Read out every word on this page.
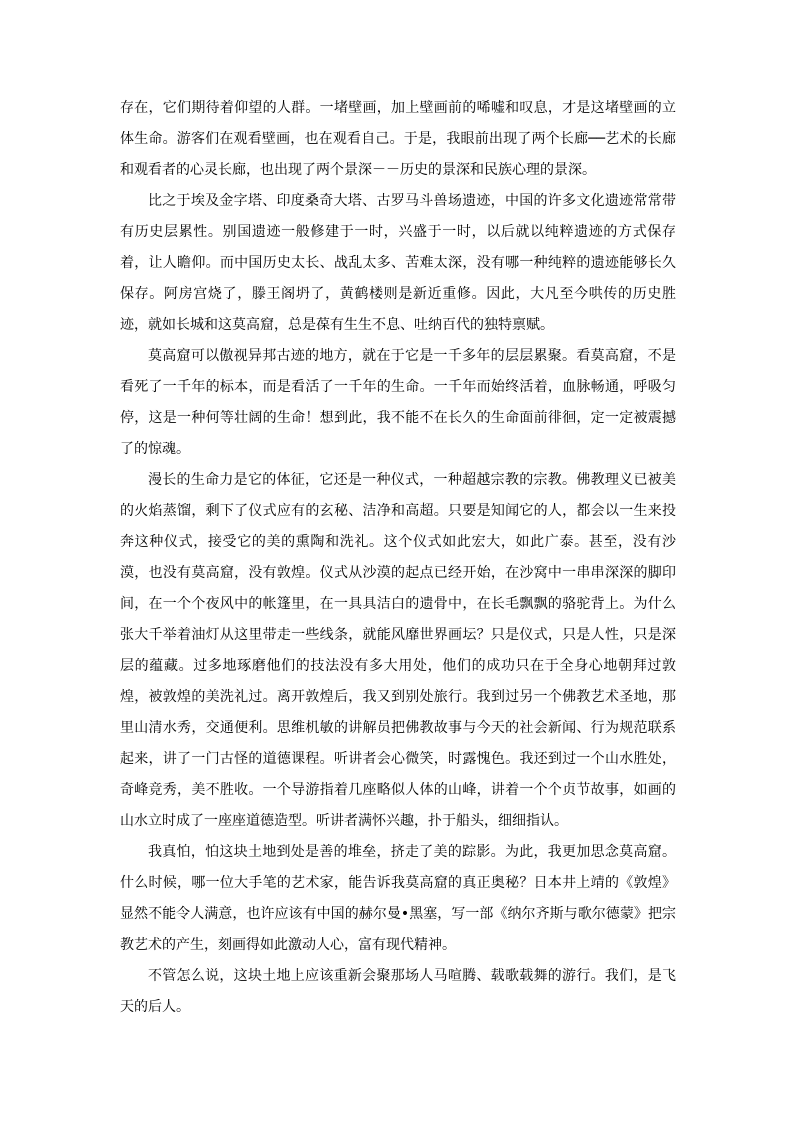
存在，它们期待着仰望的人群。一堵壁画，加上壁画前的唏嘘和叹息，才是这堵壁画的立体生命。游客们在观看壁画，也在观看自己。于是，我眼前出现了两个长廊──艺术的长廊和观看者的心灵长廊，也出现了两个景深－－历史的景深和民族心理的景深。

比之于埃及金字塔、印度桑奇大塔、古罗马斗兽场遗迹，中国的许多文化遗迹常常带有历史层累性。别国遗迹一般修建于一时，兴盛于一时，以后就以纯粹遗迹的方式保存着，让人瞻仰。而中国历史太长、战乱太多、苦难太深，没有哪一种纯粹的遗迹能够长久保存。阿房宫烧了，滕王阁坍了，黄鹤楼则是新近重修。因此，大凡至今哄传的历史胜迹，就如长城和这莫高窟，总是葆有生生不息、吐纳百代的独特禀赋。

莫高窟可以傲视异邦古迹的地方，就在于它是一千多年的层层累聚。看莫高窟，不是看死了一千年的标本，而是看活了一千年的生命。一千年而始终活着，血脉畅通，呼吸匀停，这是一种何等壮阔的生命！想到此，我不能不在长久的生命面前徘徊，定一定被震撼了的惊魂。

漫长的生命力是它的体征，它还是一种仪式，一种超越宗教的宗教。佛教理义已被美的火焰蒸馏，剩下了仪式应有的玄秘、洁净和高超。只要是知闻它的人，都会以一生来投奔这种仪式，接受它的美的熏陶和洗礼。这个仪式如此宏大，如此广泰。甚至，没有沙漠，也没有莫高窟，没有敦煌。仪式从沙漠的起点已经开始，在沙窝中一串串深深的脚印间，在一个个夜风中的帐篷里，在一具具洁白的遗骨中，在长毛飘飘的骆驼背上。为什么张大千举着油灯从这里带走一些线条，就能风靡世界画坛？只是仪式，只是人性，只是深层的蕴藏。过多地琢磨他们的技法没有多大用处，他们的成功只在于全身心地朝拜过敦煌，被敦煌的美洗礼过。离开敦煌后，我又到别处旅行。我到过另一个佛教艺术圣地，那里山清水秀，交通便利。思维机敏的讲解员把佛教故事与今天的社会新闻、行为规范联系起来，讲了一门古怪的道德课程。听讲者会心微笑，时露愧色。我还到过一个山水胜处，奇峰竞秀，美不胜收。一个导游指着几座略似人体的山峰，讲着一个个贞节故事，如画的山水立时成了一座座道德造型。听讲者满怀兴趣，扑于船头，细细指认。

我真怕，怕这块土地到处是善的堆垒，挤走了美的踪影。为此，我更加思念莫高窟。什么时候，哪一位大手笔的艺术家，能告诉我莫高窟的真正奥秘？日本井上靖的《敦煌》显然不能令人满意，也许应该有中国的赫尔曼•黑塞，写一部《纳尔齐斯与歌尔德蒙》把宗教艺术的产生，刻画得如此激动人心，富有现代精神。

不管怎么说，这块土地上应该重新会聚那场人马喧腾、载歌载舞的游行。我们，是飞天的后人。
